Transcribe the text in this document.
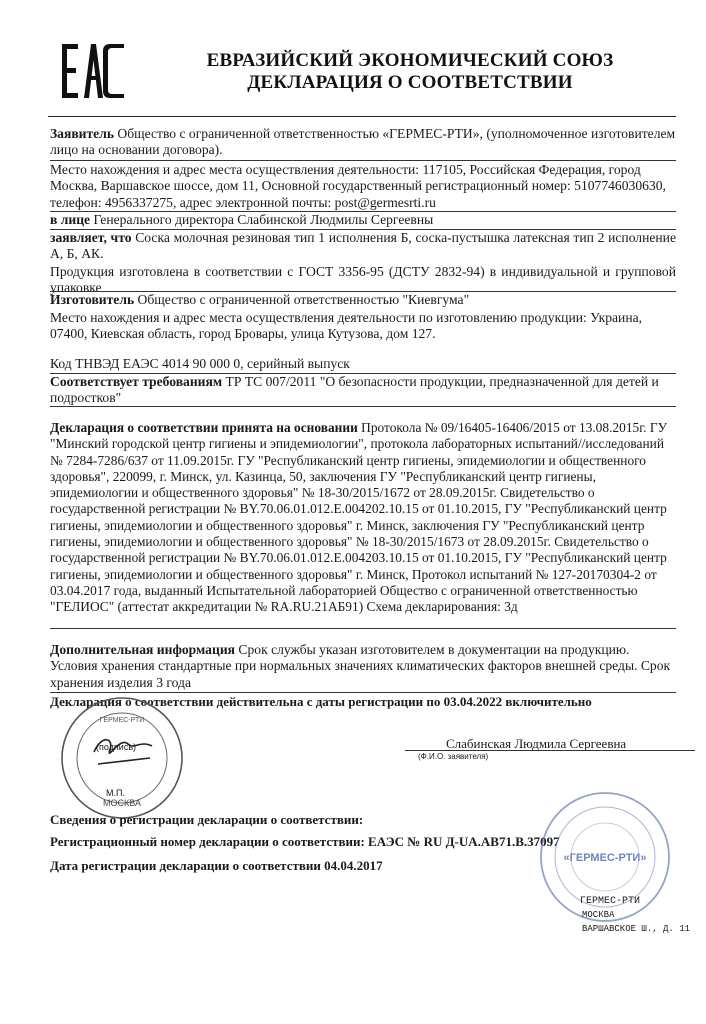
ЕВРАЗИЙСКИЙ ЭКОНОМИЧЕСКИЙ СОЮЗ
ДЕКЛАРАЦИЯ О СООТВЕТСТВИИ
Заявитель Общество с ограниченной ответственностью «ГЕРМЕС-РТИ», (уполномоченное изготовителем лицо на основании договора).
Место нахождения и адрес места осуществления деятельности: 117105, Российская Федерация, город Москва, Варшавское шоссе, дом 11, Основной государственный регистрационный номер: 5107746030630, телефон: 4956337275, адрес электронной почты: post@germesrti.ru
в лице Генерального директора Слабинской Людмилы Сергеевны
заявляет, что Соска молочная резиновая тип 1 исполнения Б, соска-пустышка латексная тип 2 исполнение А, Б, АК.
Продукция изготовлена в соответствии с ГОСТ 3356-95 (ДСТУ 2832-94) в индивидуальной и групповой упаковке
Изготовитель Общество с ограниченной ответственностью "Киевгума"
Место нахождения и адрес места осуществления деятельности по изготовлению продукции: Украина, 07400, Киевская область, город Бровары, улица Кутузова, дом 127.
Код ТНВЭД ЕАЭС 4014 90 000 0, серийный выпуск
Соответствует требованиям ТР ТС 007/2011 "О безопасности продукции, предназначенной для детей и подростков"
Декларация о соответствии принята на основании Протокола № 09/16405-16406/2015 от 13.08.2015г. ГУ "Минский городской центр гигиены и эпидемиологии", протокола лабораторных испытаний//исследований № 7284-7286/637 от 11.09.2015г. ГУ "Республиканский центр гигиены, эпидемиологии и общественного здоровья", 220099, г. Минск, ул. Казинца, 50, заключения ГУ "Республиканский центр гигиены, эпидемиологии и общественного здоровья" № 18-30/2015/1672 от 28.09.2015г. Свидетельство о государственной регистрации № BY.70.06.01.012.Е.004202.10.15 от 01.10.2015, ГУ "Республиканский центр гигиены, эпидемиологии и общественного здоровья" г. Минск, заключения ГУ "Республиканский центр гигиены, эпидемиологии и общественного здоровья" № 18-30/2015/1673 от 28.09.2015г. Свидетельство о государственной регистрации № BY.70.06.01.012.Е.004203.10.15 от 01.10.2015, ГУ "Республиканский центр гигиены, эпидемиологии и общественного здоровья" г. Минск, Протокол испытаний № 127-20170304-2 от 03.04.2017 года, выданный Испытательной лабораторией Общество с ограниченной ответственностью "ГЕЛИОС" (аттестат аккредитации № RA.RU.21АБ91) Схема декларирования: 3д
Дополнительная информация Срок службы указан изготовителем в документации на продукцию. Условия хранения стандартные при нормальных значениях климатических факторов внешней среды. Срок хранения изделия 3 года
Декларация о соответствии действительна с даты регистрации по 03.04.2022 включительно
МОСКВА
ГЕРМЕС-РТИ
(подпись)
М.П.
Слабинская Людмила Сергеевна
(Ф.И.О. заявителя)
Сведения о регистрации декларации о соответствии:
Регистрационный номер декларации о соответствии: ЕАЭС № RU Д-UA.AB71.B.37097
Дата регистрации декларации о соответствии 04.04.2017	«ГЕРМЕС-РТИ»
ГЕРМЕС-РТИ
МОСКВА
ВАРШАВСКОЕ Ш., Д. 11
